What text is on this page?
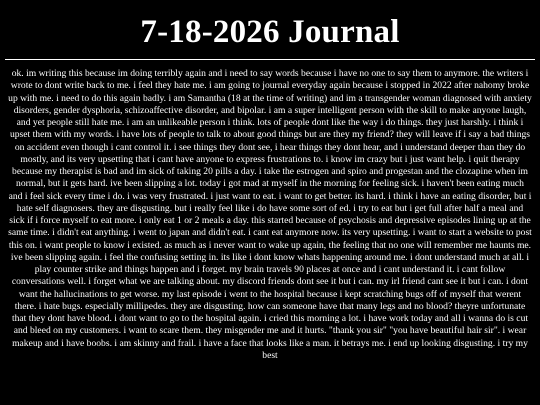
7-18-2026 Journal

ok. im writing this because im doing terribly again and i need to say words because i have no one to say them to anymore. the writers i wrote to dont write back to me. i feel they hate me. i am going to journal everyday again because i stopped in 2022 after nahomy broke up with me. i need to do this again badly. i am Samantha (18 at the time of writing) and im a transgender woman diagnosed with anxiety disorders, gender dysphoria, schizoaffective disorder, and bipolar. i am a super intelligent person with the skill to make anyone laugh, and yet people still hate me. i am an unlikeable person i think. lots of people dont like the way i do things. they just harshly. i think i upset them with my words. i have lots of people to talk to about good things but are they my friend? they will leave if i say a bad things on accident even though i cant control it. i see things they dont see, i hear things they dont hear, and i understand deeper than they do mostly, and its very upsetting that i cant have anyone to express frustrations to. i know im crazy but i just want help. i quit therapy because my therapist is bad and im sick of taking 20 pills a day. i take the estrogen and spiro and progestan and the clozapine when im normal, but it gets hard. ive been slipping a lot. today i got mad at myself in the morning for feeling sick. i haven't been eating much and i feel sick every time i do. i was very frustrated. i just want to eat. i want to get better. its hard. i think i have an eating disorder, but i hate self diagnosers. they are disgusting. but i really feel like i do have some sort of ed. i try to eat but i get full after half a meal and sick if i force myself to eat more. i only eat 1 or 2 meals a day. this started because of psychosis and depressive episodes lining up at the same time. i didn't eat anything. i went to japan and didn't eat. i cant eat anymore now. its very upsetting. i want to start a website to post this on. i want people to know i existed. as much as i never want to wake up again, the feeling that no one will remember me haunts me. ive been slipping again. i feel the confusing setting in. its like i dont know whats happening around me. i dont understand much at all. i play counter strike and things happen and i forget. my brain travels 90 places at once and i cant understand it. i cant follow conversations well. i forget what we are talking about. my discord friends dont see it but i can. my irl friend cant see it but i can. i dont want the hallucinations to get worse. my last episode i went to the hospital because i kept scratching bugs off of myself that werent there. i hate bugs. especially millipedes. they are disgusting. how can someone have that many legs and no blood? theyre unfortunate that they dont have blood. i dont want to go to the hospital again. i cried this morning a lot. i have work today and all i wanna do is cut and bleed on my customers. i want to scare them. they misgender me and it hurts. "thank you sir" "you have beautiful hair sir". i wear makeup and i have boobs. i am skinny and frail. i have a face that looks like a man. it betrays me. i end up looking disgusting. i try my best
